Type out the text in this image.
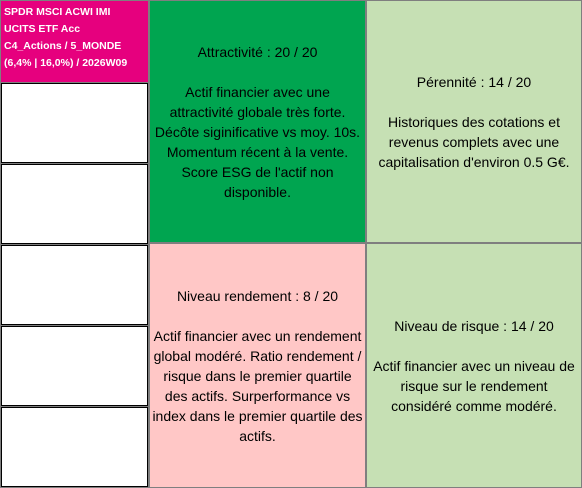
SPDR MSCI ACWI IMI
UCITS ETF Acc
C4_Actions / 5_MONDE
(6,4% | 16,0%) / 2026W09
Attractivité : 20 / 20
Actif financier avec une attractivité globale très forte. Décôte siginificative vs moy. 10s. Momentum récent à la vente. Score ESG de l'actif non disponible.
Pérennité : 14 / 20
Historiques des cotations et revenus complets avec une capitalisation d'environ 0.5 G€.
Niveau rendement : 8 / 20
Actif financier avec un rendement global modéré. Ratio rendement / risque dans le premier quartile des actifs. Surperformance vs index dans le premier quartile des actifs.
Niveau de risque : 14 / 20
Actif financier avec un niveau de risque sur le rendement considéré comme modéré.
